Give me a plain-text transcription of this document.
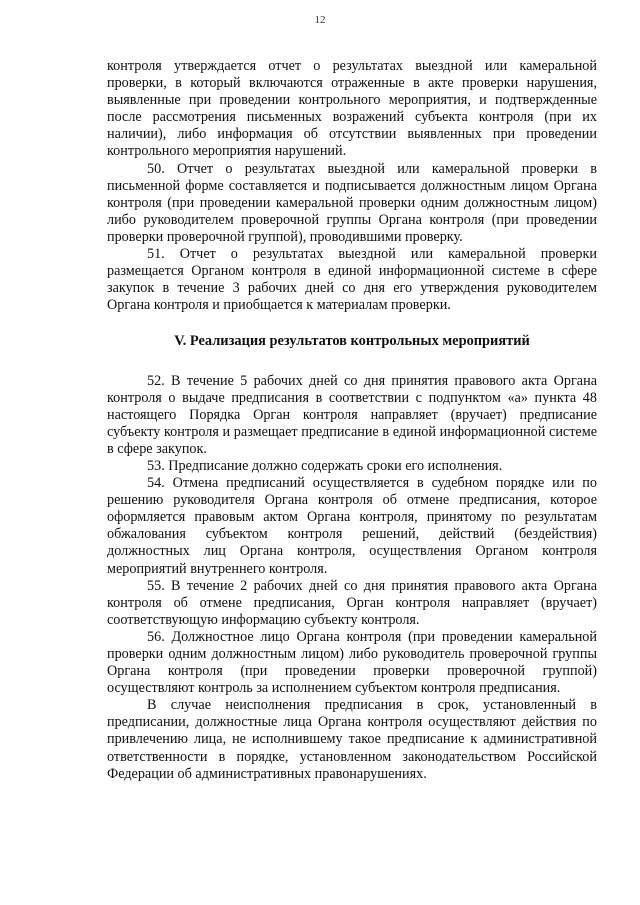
12

контроля утверждается отчет о результатах выездной или камеральной проверки, в который включаются отраженные в акте проверки нарушения, выявленные при проведении контрольного мероприятия, и подтвержденные после рассмотрения письменных возражений субъекта контроля (при их наличии), либо информация об отсутствии выявленных при проведении контрольного мероприятия нарушений.

50. Отчет о результатах выездной или камеральной проверки в письменной форме составляется и подписывается должностным лицом Органа контроля (при проведении камеральной проверки одним должностным лицом) либо руководителем проверочной группы Органа контроля (при проведении проверки проверочной группой), проводившими проверку.

51. Отчет о результатах выездной или камеральной проверки размещается Органом контроля в единой информационной системе в сфере закупок в течение 3 рабочих дней со дня его утверждения руководителем Органа контроля и приобщается к материалам проверки.

V. Реализация результатов контрольных мероприятий

52. В течение 5 рабочих дней со дня принятия правового акта Органа контроля о выдаче предписания в соответствии с подпунктом «а» пункта 48 настоящего Порядка Орган контроля направляет (вручает) предписание субъекту контроля и размещает предписание в единой информационной системе в сфере закупок.

53. Предписание должно содержать сроки его исполнения.

54. Отмена предписаний осуществляется в судебном порядке или по решению руководителя Органа контроля об отмене предписания, которое оформляется правовым актом Органа контроля, принятому по результатам обжалования субъектом контроля решений, действий (бездействия) должностных лиц Органа контроля, осуществления Органом контроля мероприятий внутреннего контроля.

55. В течение 2 рабочих дней со дня принятия правового акта Органа контроля об отмене предписания, Орган контроля направляет (вручает) соответствующую информацию субъекту контроля.

56. Должностное лицо Органа контроля (при проведении камеральной проверки одним должностным лицом) либо руководитель проверочной группы Органа контроля (при проведении проверки проверочной группой) осуществляют контроль за исполнением субъектом контроля предписания.

В случае неисполнения предписания в срок, установленный в предписании, должностные лица Органа контроля осуществляют действия по привлечению лица, не исполнившему такое предписание к административной ответственности в порядке, установленном законодательством Российской Федерации об административных правонарушениях.
